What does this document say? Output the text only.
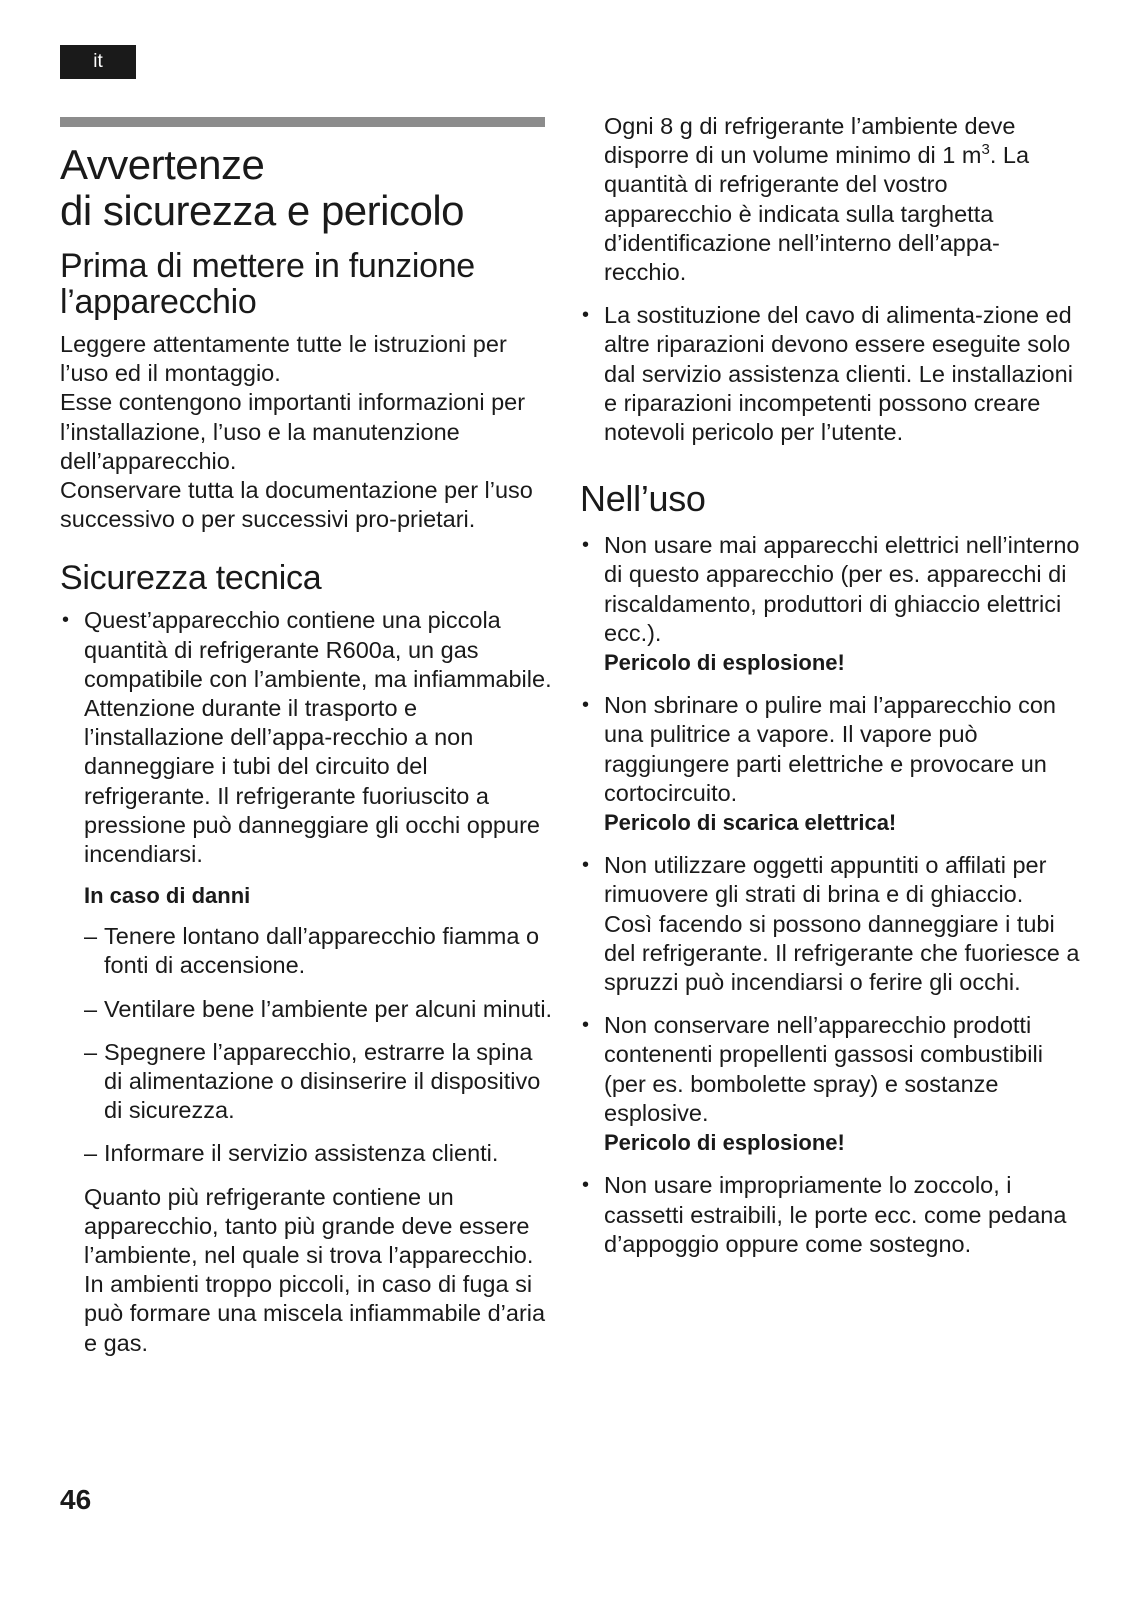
it
Avvertenze
di sicurezza e pericolo
Prima di mettere in funzione l’apparecchio

Leggere attentamente tutte le istruzioni per l’uso ed il montaggio.
Esse contengono importanti informazioni per l’installazione, l’uso e la manutenzione dell’apparecchio.
Conservare tutta la documentazione per l’uso successivo o per successivi pro-prietari.

Sicurezza tecnica
• Quest’apparecchio contiene una piccola quantità di refrigerante R600a, un gas compatibile con l’ambiente, ma infiammabile. Attenzione durante il trasporto e l’installazione dell’appa-recchio a non danneggiare i tubi del circuito del refrigerante. Il refrigerante fuoriuscito a pressione può danneggiare gli occhi oppure incendiarsi.
In caso di danni
– Tenere lontano dall’apparecchio fiamma o fonti di accensione.
– Ventilare bene l’ambiente per alcuni minuti.
– Spegnere l’apparecchio, estrarre la spina di alimentazione o disinserire il dispositivo di sicurezza.
– Informare il servizio assistenza clienti.

Quanto più refrigerante contiene un apparecchio, tanto più grande deve essere l’ambiente, nel quale si trova l’apparecchio. In ambienti troppo piccoli, in caso di fuga si può formare una miscela infiammabile d’aria e gas.

Ogni 8 g di refrigerante l’ambiente deve disporre di un volume minimo di 1 $m^3$. La quantità di refrigerante del vostro apparecchio è indicata sulla targhetta d’identificazione nell’interno dell’appa-recchio.

• La sostituzione del cavo di alimenta-zione ed altre riparazioni devono essere eseguite solo dal servizio assistenza clienti. Le installazioni e riparazioni incompetenti possono creare notevoli pericolo per l’utente.
Nell’uso
• Non usare mai apparecchi elettrici nell’interno di questo apparecchio (per es. apparecchi di riscaldamento, produttori di ghiaccio elettrici ecc.).
Pericolo di esplosione!
• Non sbrinare o pulire mai l’apparecchio con una pulitrice a vapore. Il vapore può raggiungere parti elettriche e provocare un cortocircuito.
Pericolo di scarica elettrica!
• Non utilizzare oggetti appuntiti o affilati per rimuovere gli strati di brina e di ghiaccio.
Così facendo si possono danneggiare i tubi del refrigerante. Il refrigerante che fuoriesce a spruzzi può incendiarsi o ferire gli occhi.
• Non conservare nell’apparecchio prodotti contenenti propellenti gassosi combustibili (per es. bombolette spray) e sostanze esplosive.
Pericolo di esplosione!
• Non usare impropriamente lo zoccolo, i cassetti estraibili, le porte ecc. come pedana d’appoggio oppure come sostegno.
46
